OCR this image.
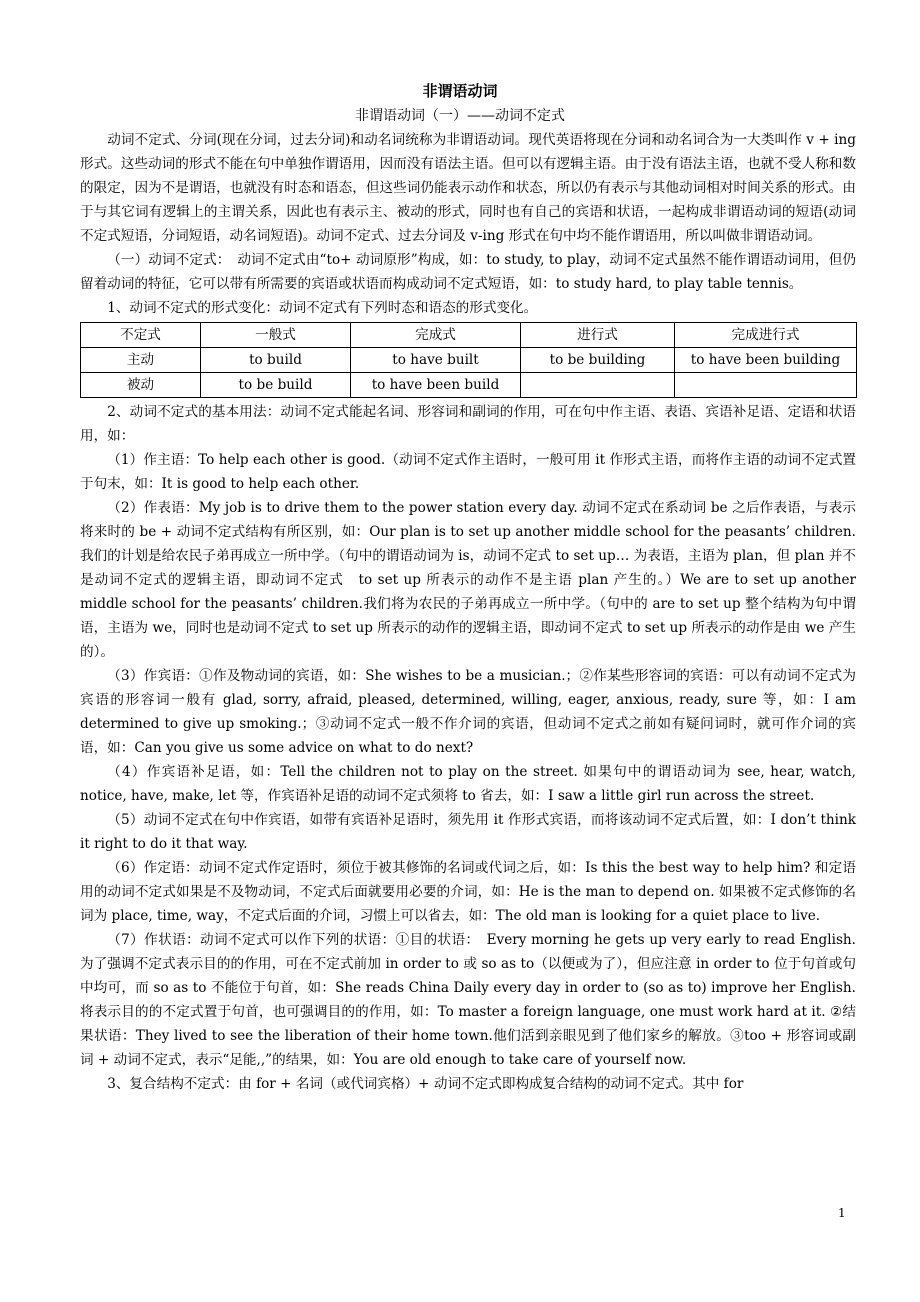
非谓语动词
非谓语动词（一）——动词不定式

动词不定式、分词(现在分词，过去分词)和动名词统称为非谓语动词。现代英语将现在分词和动名词合为一大类叫作 v + ing 形式。这些动词的形式不能在句中单独作谓语用，因而没有语法主语。但可以有逻辑主语。由于没有语法主语，也就不受人称和数的限定，因为不是谓语，也就没有时态和语态，但这些词仍能表示动作和状态，所以仍有表示与其他动词相对时间关系的形式。由于与其它词有逻辑上的主谓关系，因此也有表示主、被动的形式，同时也有自己的宾语和状语，一起构成非谓语动词的短语(动词不定式短语，分词短语，动名词短语)。动词不定式、过去分词及 v-ing 形式在句中均不能作谓语用，所以叫做非谓语动词。

（一）动词不定式：　动词不定式由“to+ 动词原形”构成，如：to study, to play，动词不定式虽然不能作谓语动词用，但仍留着动词的特征，它可以带有所需要的宾语或状语而构成动词不定式短语，如：to study hard, to play table tennis。

1、动词不定式的形式变化：动词不定式有下列时态和语态的形式变化。

不定式	一般式	完成式	进行式	完成进行式
主动	to build	to have built	to be building	to have been building
被动	to be build	to have been build		

2、动词不定式的基本用法：动词不定式能起名词、形容词和副词的作用，可在句中作主语、表语、宾语补足语、定语和状语用，如：

（1）作主语：To help each other is good.（动词不定式作主语时，一般可用 it 作形式主语，而将作主语的动词不定式置于句末，如：It is good to help each other.

（2）作表语：My job is to drive them to the power station every day. 动词不定式在系动词 be 之后作表语，与表示将来时的 be + 动词不定式结构有所区别，如：Our plan is to set up another middle school for the peasants’ children.我们的计划是给农民子弟再成立一所中学。（句中的谓语动词为 is，动词不定式 to set up… 为表语，主语为 plan，但 plan 并不是动词不定式的逻辑主语，即动词不定式　to set up 所表示的动作不是主语 plan 产生的。）We are to set up another middle school for the peasants’ children.我们将为农民的子弟再成立一所中学。（句中的 are to set up 整个结构为句中谓语，主语为 we，同时也是动词不定式 to set up 所表示的动作的逻辑主语，即动词不定式 to set up 所表示的动作是由 we 产生的）。

（3）作宾语：①作及物动词的宾语，如：She wishes to be a musician.；②作某些形容词的宾语：可以有动词不定式为宾语的形容词一般有 glad, sorry, afraid, pleased, determined, willing, eager, anxious, ready, sure 等，如：I am determined to give up smoking.；③动词不定式一般不作介词的宾语，但动词不定式之前如有疑问词时，就可作介词的宾语，如：Can you give us some advice on what to do next?

（4）作宾语补足语，如：Tell the children not to play on the street. 如果句中的谓语动词为 see, hear, watch, notice, have, make, let 等，作宾语补足语的动词不定式须将 to 省去，如：I saw a little girl run across the street.

（5）动词不定式在句中作宾语，如带有宾语补足语时，须先用 it 作形式宾语，而将该动词不定式后置，如：I don’t think it right to do it that way.

（6）作定语：动词不定式作定语时，须位于被其修饰的名词或代词之后，如：Is this the best way to help him? 和定语用的动词不定式如果是不及物动词，不定式后面就要用必要的介词，如：He is the man to depend on. 如果被不定式修饰的名词为 place, time, way，不定式后面的介词，习惯上可以省去，如：The old man is looking for a quiet place to live.

（7）作状语：动词不定式可以作下列的状语：①目的状语：　Every morning he gets up very early to read English. 为了强调不定式表示目的的作用，可在不定式前加 in order to 或 so as to（以便或为了），但应注意 in order to 位于句首或句中均可，而 so as to 不能位于句首，如：She reads China Daily every day in order to (so as to) improve her English. 将表示目的的不定式置于句首，也可强调目的的作用，如：To master a foreign language, one must work hard at it. ②结果状语：They lived to see the liberation of their home town.他们活到亲眼见到了他们家乡的解放。③too + 形容词或副词 + 动词不定式，表示“足能,,”的结果，如：You are old enough to take care of yourself now.

3、复合结构不定式：由 for + 名词（或代词宾格）+ 动词不定式即构成复合结构的动词不定式。其中 for

1
